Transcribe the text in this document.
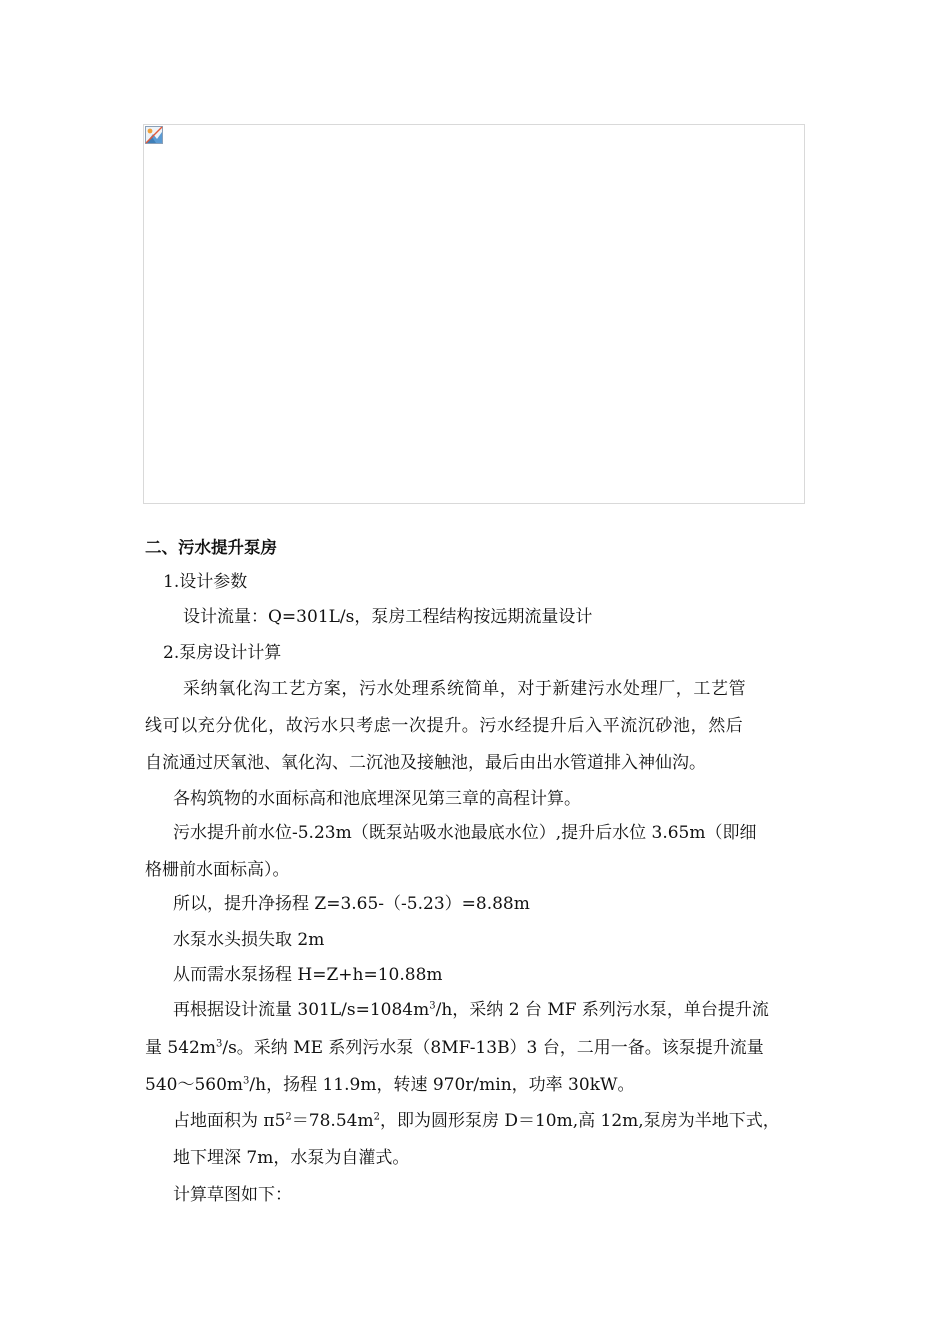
二、污水提升泵房
1.设计参数
设计流量：Q=301L/s，泵房工程结构按远期流量设计
2.泵房设计计算
采纳氧化沟工艺方案，污水处理系统简单，对于新建污水处理厂，工艺管
线可以充分优化，故污水只考虑一次提升。污水经提升后入平流沉砂池，然后
自流通过厌氧池、氧化沟、二沉池及接触池，最后由出水管道排入神仙沟。
各构筑物的水面标高和池底埋深见第三章的高程计算。
污水提升前水位-5.23m（既泵站吸水池最底水位）,提升后水位 3.65m（即细
格栅前水面标高）。
所以，提升净扬程 Z=3.65-（-5.23）=8.88m
水泵水头损失取 2m
从而需水泵扬程 H=Z+h=10.88m
再根据设计流量 $301L/s=1084m^3/h$，采纳 2 台 MF 系列污水泵，单台提升流
量 $542m^3/s$。采纳 ME 系列污水泵（8MF-13B）3 台，二用一备。该泵提升流量
$540\sim 560m^3/h$，扬程 11.9m，转速 970r/min，功率 30kW。
占地面积为 $\pi 5^2=78.54m^2$，即为圆形泵房 D＝10m,高 12m,泵房为半地下式，
地下埋深 7m，水泵为自灌式。
计算草图如下：
